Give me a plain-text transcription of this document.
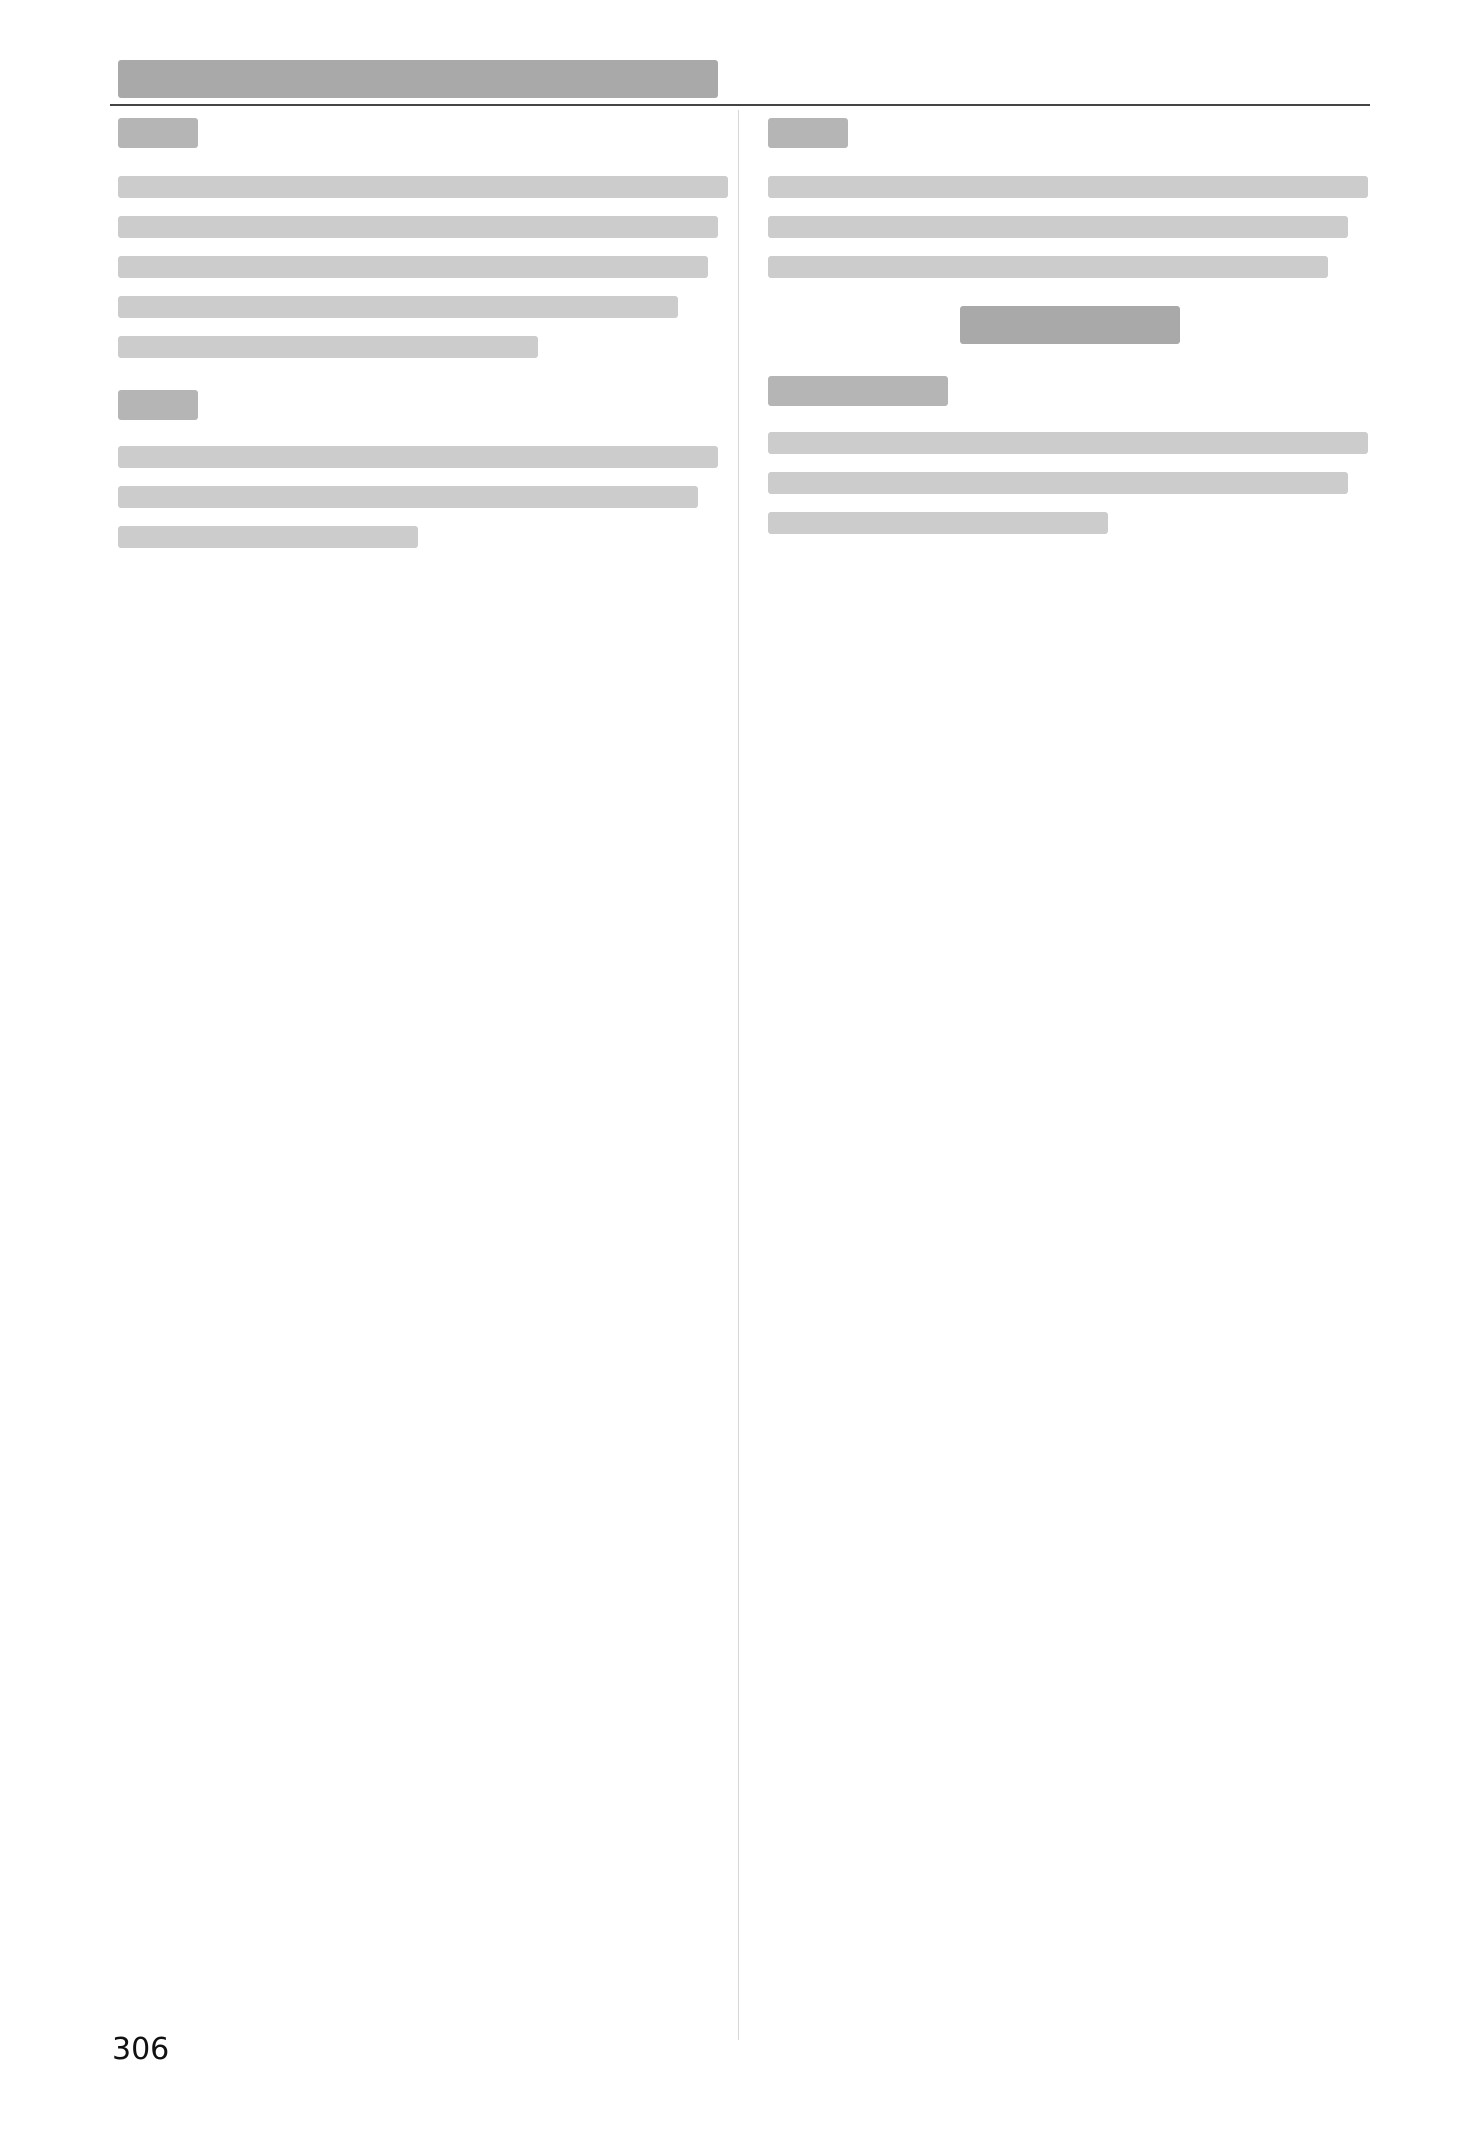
306
